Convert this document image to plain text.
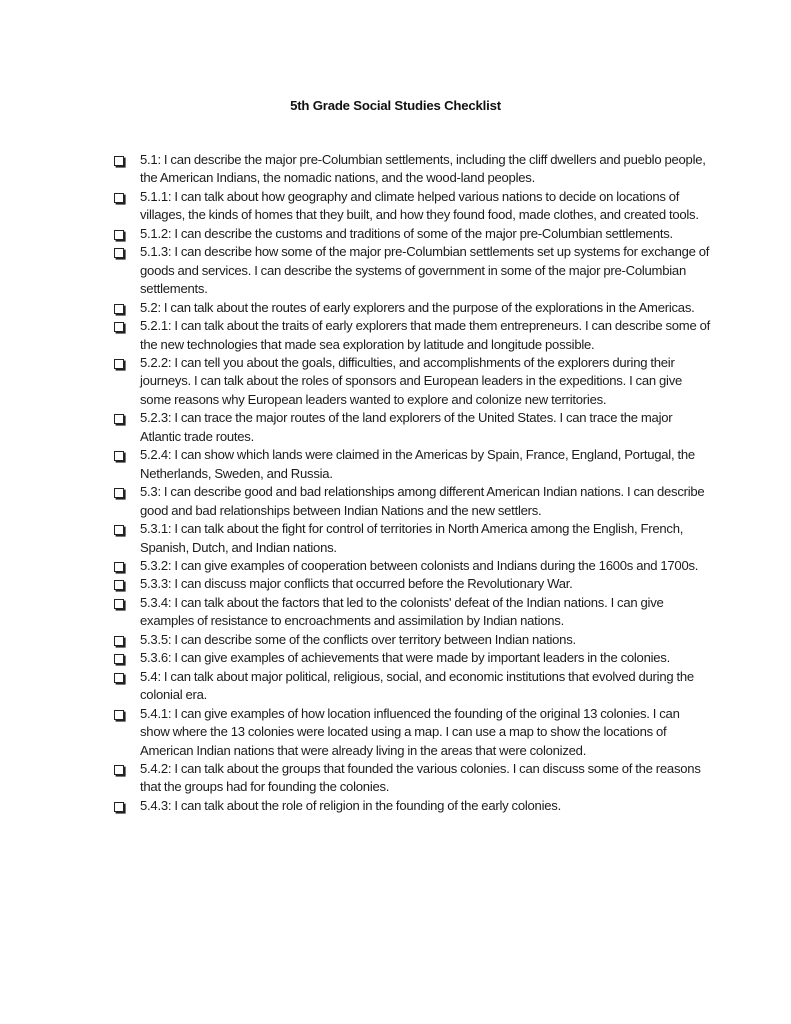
5th Grade Social Studies Checklist
5.1: I can describe the major pre-Columbian settlements, including the cliff dwellers and pueblo people, the American Indians, the nomadic nations, and the wood-land peoples.
5.1.1: I can talk about how geography and climate helped various nations to decide on locations of villages, the kinds of homes that they built, and how they found food, made clothes, and created tools.
5.1.2: I can describe the customs and traditions of some of the major pre-Columbian settlements.
5.1.3: I can describe how some of the major pre-Columbian settlements set up systems for exchange of goods and services. I can describe the systems of government in some of the major pre-Columbian settlements.
5.2: I can talk about the routes of early explorers and the purpose of the explorations in the Americas.
5.2.1: I can talk about the traits of early explorers that made them entrepreneurs. I can describe some of the new technologies that made sea exploration by latitude and longitude possible.
5.2.2: I can tell you about the goals, difficulties, and accomplishments of the explorers during their journeys. I can talk about the roles of sponsors and European leaders in the expeditions. I can give some reasons why European leaders wanted to explore and colonize new territories.
5.2.3: I can trace the major routes of the land explorers of the United States. I can trace the major Atlantic trade routes.
5.2.4: I can show which lands were claimed in the Americas by Spain, France, England, Portugal, the Netherlands, Sweden, and Russia.
5.3: I can describe good and bad relationships among different American Indian nations. I can describe good and bad relationships between Indian Nations and the new settlers.
5.3.1: I can talk about the fight for control of territories in North America among the English, French, Spanish, Dutch, and Indian nations.
5.3.2: I can give examples of cooperation between colonists and Indians during the 1600s and 1700s.
5.3.3: I can discuss major conflicts that occurred before the Revolutionary War.
5.3.4: I can talk about the factors that led to the colonists' defeat of the Indian nations. I can give examples of resistance to encroachments and assimilation by Indian nations.
5.3.5: I can describe some of the conflicts over territory between Indian nations.
5.3.6: I can give examples of achievements that were made by important leaders in the colonies.
5.4: I can talk about major political, religious, social, and economic institutions that evolved during the colonial era.
5.4.1: I can give examples of how location influenced the founding of the original 13 colonies. I can show where the 13 colonies were located using a map. I can use a map to show the locations of American Indian nations that were already living in the areas that were colonized.
5.4.2: I can talk about the groups that founded the various colonies. I can discuss some of the reasons that the groups had for founding the colonies.
5.4.3: I can talk about the role of religion in the founding of the early colonies.
